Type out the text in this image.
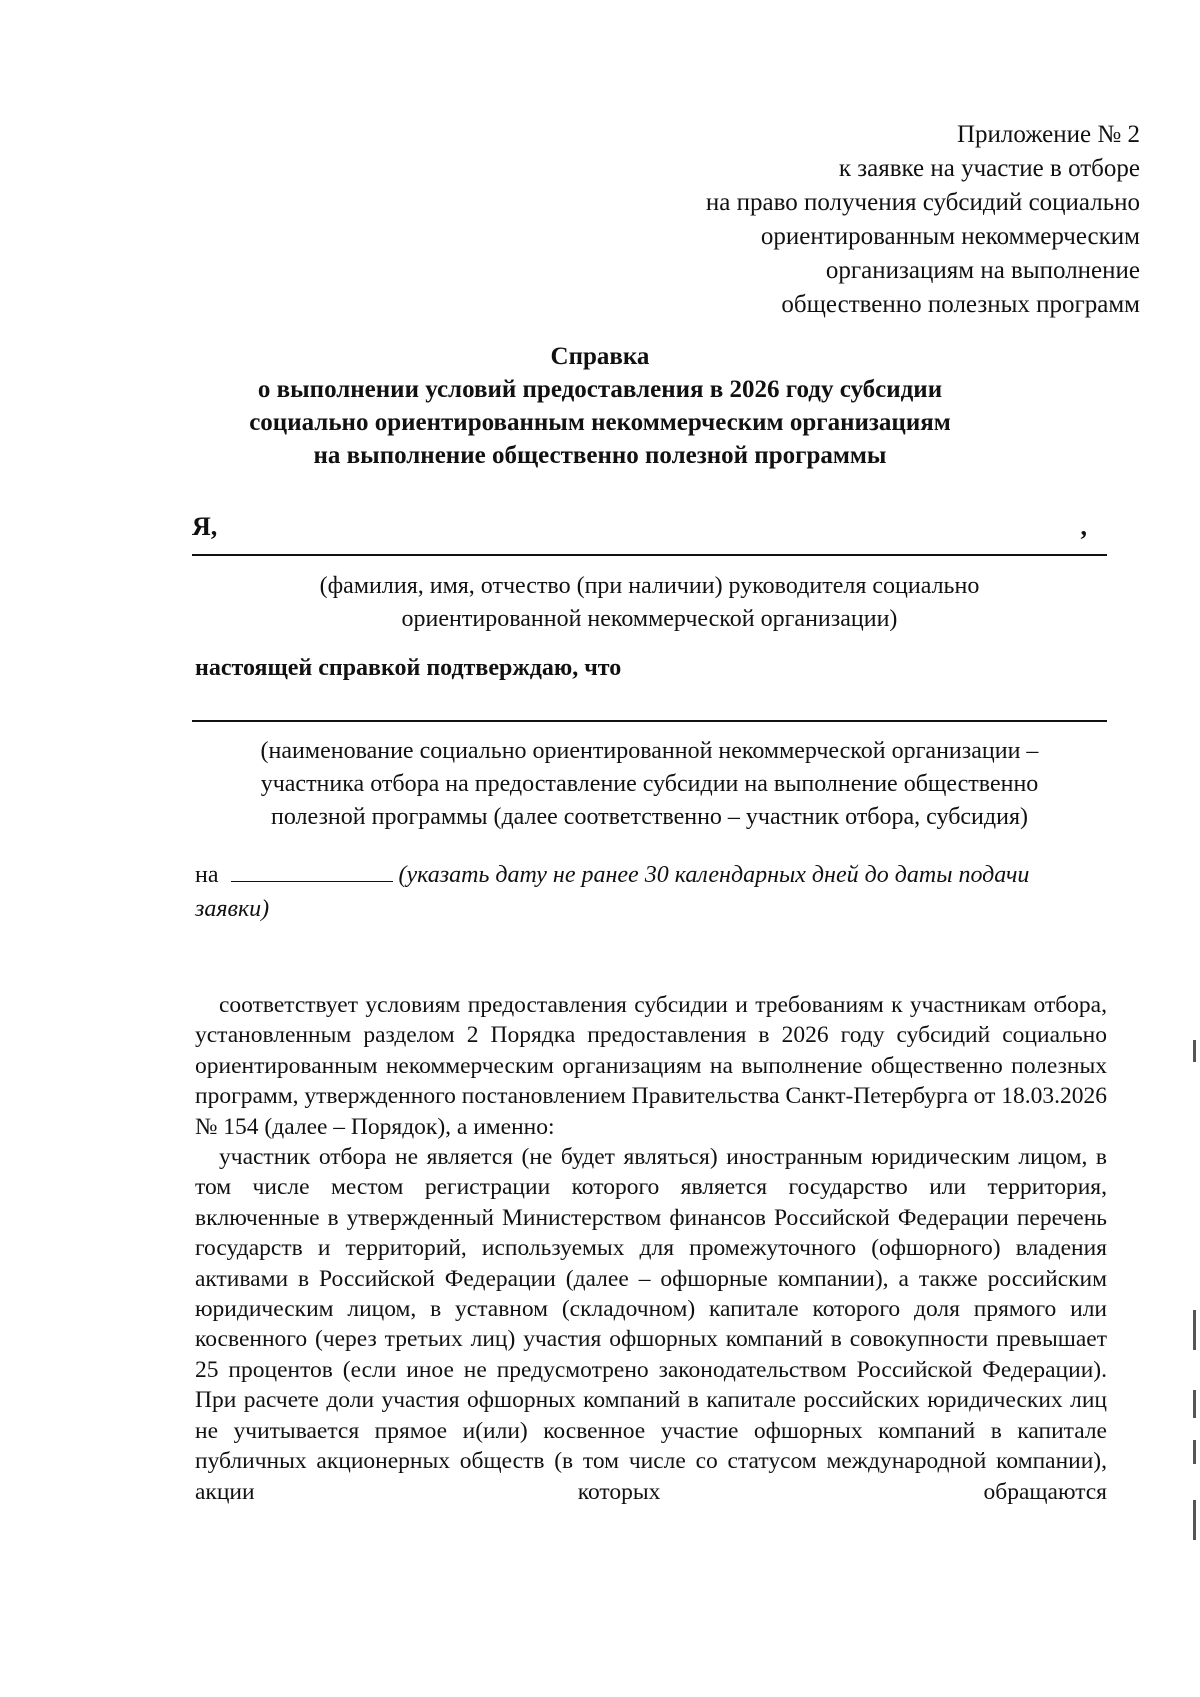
Приложение № 2
к заявке на участие в отборе
на право получения субсидий социально
ориентированным некоммерческим
организациям на выполнение
общественно полезных программ
Справка
о выполнении условий предоставления в 2026 году субсидии
социально ориентированным некоммерческим организациям
на выполнение общественно полезной программы
Я,	,
(фамилия, имя, отчество (при наличии) руководителя социально
ориентированной некоммерческой организации)
настоящей справкой подтверждаю, что
(наименование социально ориентированной некоммерческой организации –
участника отбора на предоставление субсидии на выполнение общественно
полезной программы (далее соответственно – участник отбора, субсидия)
на	(указать дату не ранее 30 календарных дней до даты подачи
заявки)

соответствует условиям предоставления субсидии и требованиям к участникам отбора, установленным разделом 2 Порядка предоставления в 2026 году субсидий социально ориентированным некоммерческим организациям на выполнение общественно полезных программ, утвержденного постановлением Правительства Санкт-Петербурга от 18.03.2026 № 154 (далее – Порядок), а именно:

участник отбора не является (не будет являться) иностранным юридическим лицом, в том числе местом регистрации которого является государство или территория, включенные в утвержденный Министерством финансов Российской Федерации перечень государств и территорий, используемых для промежуточного (офшорного) владения активами в Российской Федерации (далее – офшорные компании), а также российским юридическим лицом, в уставном (складочном) капитале которого доля прямого или косвенного (через третьих лиц) участия офшорных компаний в совокупности превышает 25 процентов (если иное не предусмотрено законодательством Российской Федерации). При расчете доли участия офшорных компаний в капитале российских юридических лиц не учитывается прямое и(или) косвенное участие офшорных компаний в капитале публичных акционерных обществ (в том числе со статусом международной компании), акции которых обращаются
